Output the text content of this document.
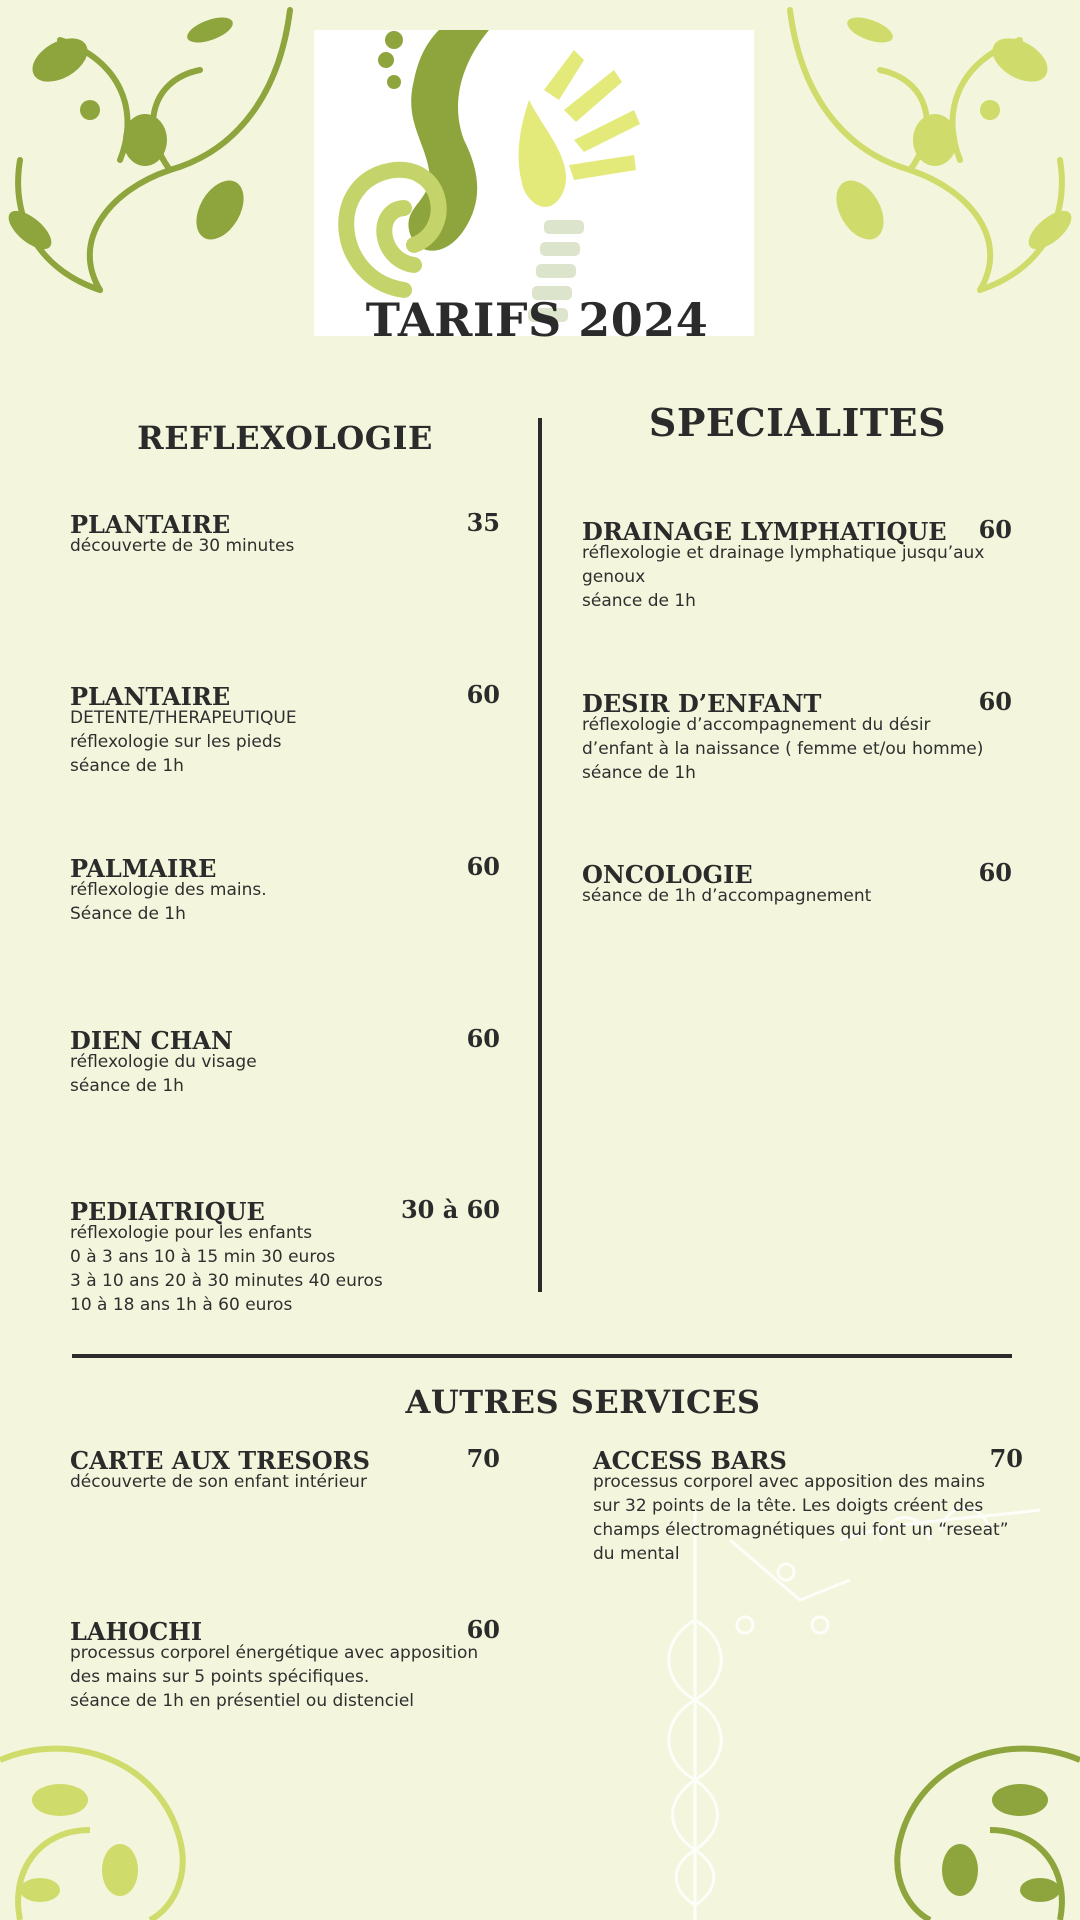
TARIFS 2024
REFLEXOLOGIE	SPECIALITES
PLANTAIRE	35
découverte de 30 minutes
PLANTAIRE	60
DETENTE/THERAPEUTIQUE
réflexologie sur les pieds
séance de 1h
PALMAIRE	60
réflexologie des mains.
Séance de 1h
DIEN CHAN	60
réflexologie du visage
séance de 1h
PEDIATRIQUE	30 à 60
réflexologie pour les enfants
0 à 3 ans 10 à 15 min 30 euros
3 à 10 ans 20 à 30 minutes 40 euros
10 à 18 ans 1h à 60 euros
DRAINAGE LYMPHATIQUE	60
réflexologie et drainage lymphatique jusqu’aux
genoux
séance de 1h
DESIR D’ENFANT	60
réflexologie d’accompagnement du désir
d’enfant à la naissance ( femme et/ou homme)
séance de 1h
ONCOLOGIE	60
séance de 1h d’accompagnement
AUTRES SERVICES
CARTE AUX TRESORS	70
découverte de son enfant intérieur
ACCESS BARS	70
processus corporel avec apposition des mains
sur 32 points de la tête. Les doigts créent des
champs électromagnétiques qui font un “reseat”
du mental
LAHOCHI	60
processus corporel énergétique avec apposition
des mains sur 5 points spécifiques.
séance de 1h en présentiel ou distenciel
